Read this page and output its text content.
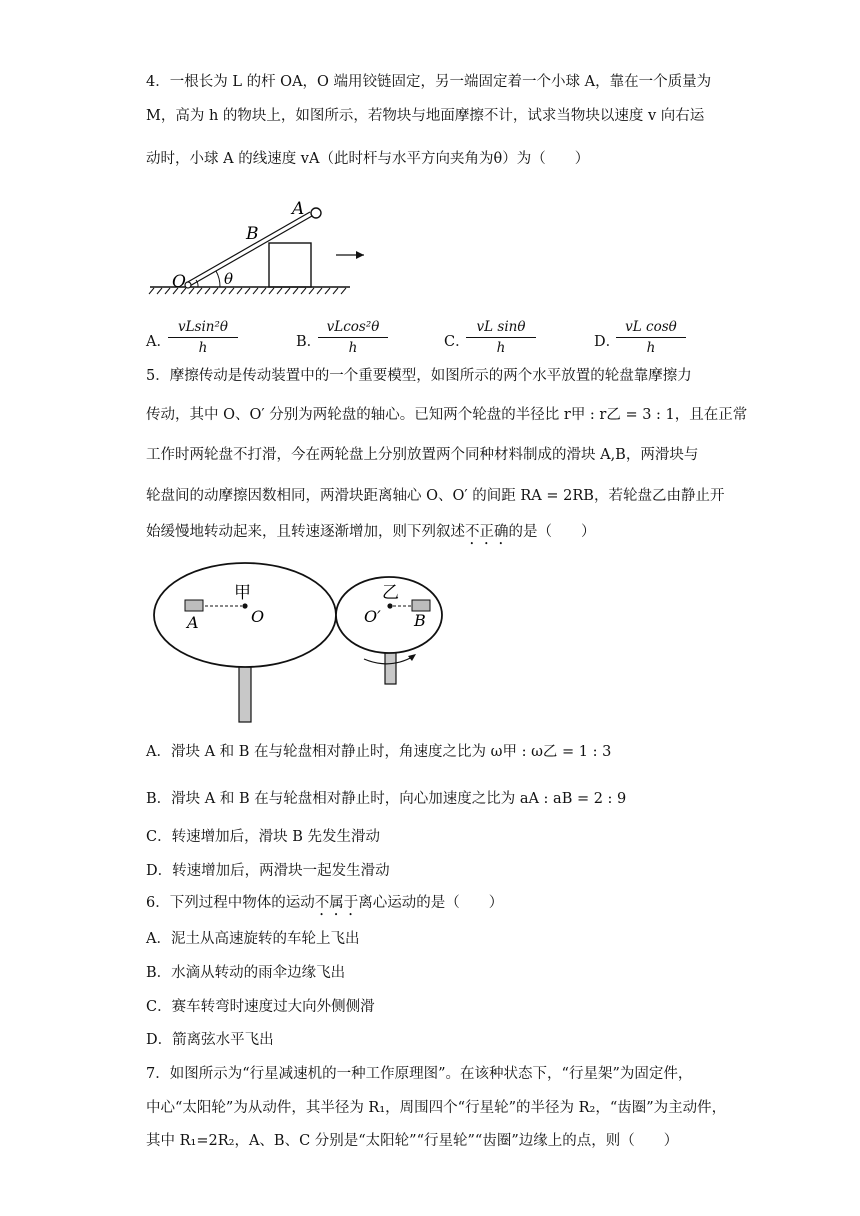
4．一根长为 L 的杆 OA，O 端用铰链固定，另一端固定着一个小球 A，靠在一个质量为
M，高为 h 的物块上，如图所示，若物块与地面摩擦不计，试求当物块以速度 v 向右运
动时，小球 A 的线速度 vA（此时杆与水平方向夹角为θ）为（　　）
A
B
O	θ
A．
$\frac{\text{vLsin²θ}}{h}$	B．
$\frac{\text{vLcos²θ}}{h}$	C．
$\frac{\text{vL sinθ}}{h}$	D．
$\frac{\text{vL cosθ}}{h}$
5．摩擦传动是传动装置中的一个重要模型，如图所示的两个水平放置的轮盘靠摩擦力
传动，其中 O、O′ 分别为两轮盘的轴心。已知两个轮盘的半径比 r甲 : r乙 = 3 : 1，且在正常
工作时两轮盘不打滑，今在两轮盘上分别放置两个同种材料制成的滑块 A,B，两滑块与
轮盘间的动摩擦因数相同，两滑块距离轴心 O、O′ 的间距 RA = 2RB，若轮盘乙由静止开
始缓慢地转动起来，且转速逐渐增加，则下列叙述不正确的是（　　）
甲
O
A
乙
O′ B
A．滑块 A 和 B 在与轮盘相对静止时，角速度之比为 ω甲 : ω乙 = 1 : 3
B．滑块 A 和 B 在与轮盘相对静止时，向心加速度之比为 aA : aB = 2 : 9
C．转速增加后，滑块 B 先发生滑动
D．转速增加后，两滑块一起发生滑动
6．下列过程中物体的运动不属于离心运动的是（　　）
A．泥土从高速旋转的车轮上飞出
B．水滴从转动的雨伞边缘飞出
C．赛车转弯时速度过大向外侧侧滑
D．箭离弦水平飞出
7．如图所示为“行星减速机的一种工作原理图”。在该种状态下，“行星架”为固定件，
中心“太阳轮”为从动件，其半径为 R₁，周围四个“行星轮”的半径为 R₂，“齿圈”为主动件，
其中 R₁=2R₂，A、B、C 分别是“太阳轮”“行星轮”“齿圈”边缘上的点，则（　　）
